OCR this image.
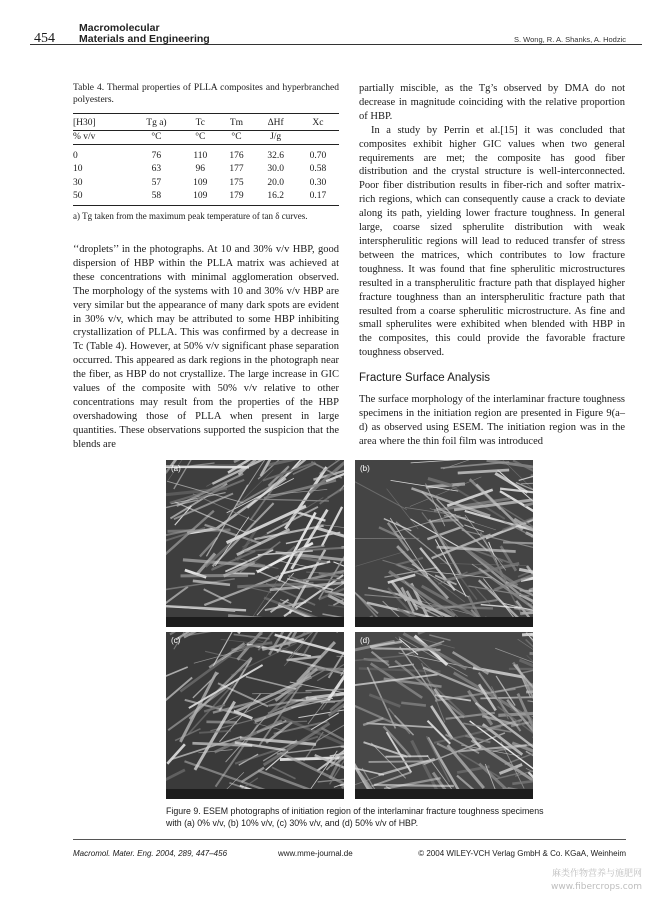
454
Macromolecular
Materials and Engineering	S. Wong, R. A. Shanks, A. Hodzic
Table 4. Thermal properties of PLLA composites and hyperbranched polyesters.
[H30]	Tg a)	Tc	Tm	ΔHf	Xc
% v/v	°C	°C	°C	J/g	
0	76	110	176	32.6	0.70
10	63	96	177	30.0	0.58
30	57	109	175	20.0	0.30
50	58	109	179	16.2	0.17
a) Tg taken from the maximum peak temperature of tan δ curves.

‘‘droplets’’ in the photographs. At 10 and 30% v/v HBP, good dispersion of HBP within the PLLA matrix was achieved at these concentrations with minimal agglomeration observed. The morphology of the systems with 10 and 30% v/v HBP are very similar but the appearance of many dark spots are evident in 30% v/v, which may be attributed to some HBP inhibiting crystallization of PLLA. This was confirmed by a decrease in Tc (Table 4). However, at 50% v/v significant phase separation occurred. This appeared as dark regions in the photograph near the fiber, as HBP do not crystallize. The large increase in GIC values of the composite with 50% v/v relative to other concentrations may result from the properties of the HBP overshadowing those of PLLA when present in large quantities. These observations supported the suspicion that the blends are

partially miscible, as the Tg’s observed by DMA do not decrease in magnitude coinciding with the relative proportion of HBP.

In a study by Perrin et al.[15] it was concluded that composites exhibit higher GIC values when two general requirements are met; the composite has good fiber distribution and the crystal structure is well-interconnected. Poor fiber distribution results in fiber-rich and softer matrix-rich regions, which can consequently cause a crack to deviate along its path, yielding lower fracture toughness. In general large, coarse sized spherulite distribution with weak interspherulitic regions will lead to reduced transfer of stress between the matrices, which contributes to low fracture toughness. It was found that fine spherulitic microstructures resulted in a transpherulitic fracture path that displayed higher fracture toughness than an interspherulitic fracture path that resulted from a coarse spherulitic microstructure. As fine and small spherulites were exhibited when blended with HBP in the composites, this could provide the favorable fracture toughness observed.

Fracture Surface Analysis

The surface morphology of the interlaminar fracture toughness specimens in the initiation region are presented in Figure 9(a–d) as observed using ESEM. The initiation region was in the area where the thin foil film was introduced

(a)	(b)
(c)	(d)
Figure 9. ESEM photographs of initiation region of the interlaminar fracture toughness specimens with (a) 0% v/v, (b) 10% v/v, (c) 30% v/v, and (d) 50% v/v of HBP.
Macromol. Mater. Eng. 2004, 289, 447–456	www.mme-journal.de	© 2004 WILEY-VCH Verlag GmbH & Co. KGaA, Weinheim
麻类作物营养与施肥网
www.fibercrops.com
